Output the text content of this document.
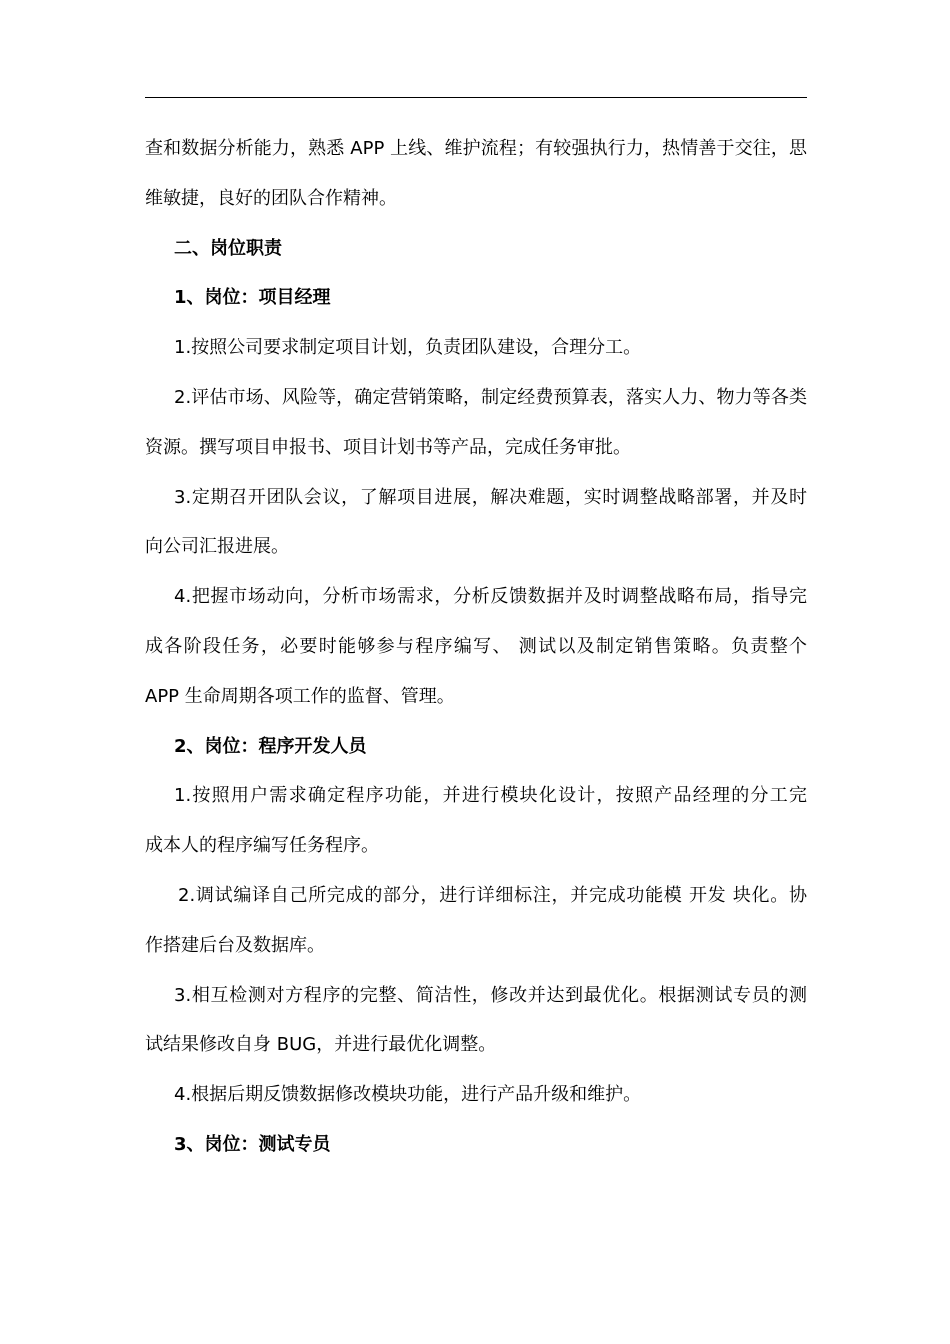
查和数据分析能力，熟悉 APP 上线、维护流程；有较强执行力，热情善于交往，思
维敏捷，良好的团队合作精神。
二、岗位职责
1、岗位：项目经理
1.按照公司要求制定项目计划，负责团队建设，合理分工。
2.评估市场、风险等，确定营销策略，制定经费预算表，落实人力、物力等各类
资源。撰写项目申报书、项目计划书等产品，完成任务审批。
3.定期召开团队会议，了解项目进展，解决难题，实时调整战略部署，并及时
向公司汇报进展。
4.把握市场动向，分析市场需求，分析反馈数据并及时调整战略布局，指导完
成各阶段任务，必要时能够参与程序编写、 测试以及制定销售策略。负责整个
APP 生命周期各项工作的监督、管理。
2、岗位：程序开发人员
1.按照用户需求确定程序功能，并进行模块化设计，按照产品经理的分工完
成本人的程序编写任务程序。
2.调试编译自己所完成的部分，进行详细标注，并完成功能模 开发 块化。协
作搭建后台及数据库。
3.相互检测对方程序的完整、简洁性，修改并达到最优化。根据测试专员的测
试结果修改自身 BUG，并进行最优化调整。
4.根据后期反馈数据修改模块功能，进行产品升级和维护。
3、岗位：测试专员
